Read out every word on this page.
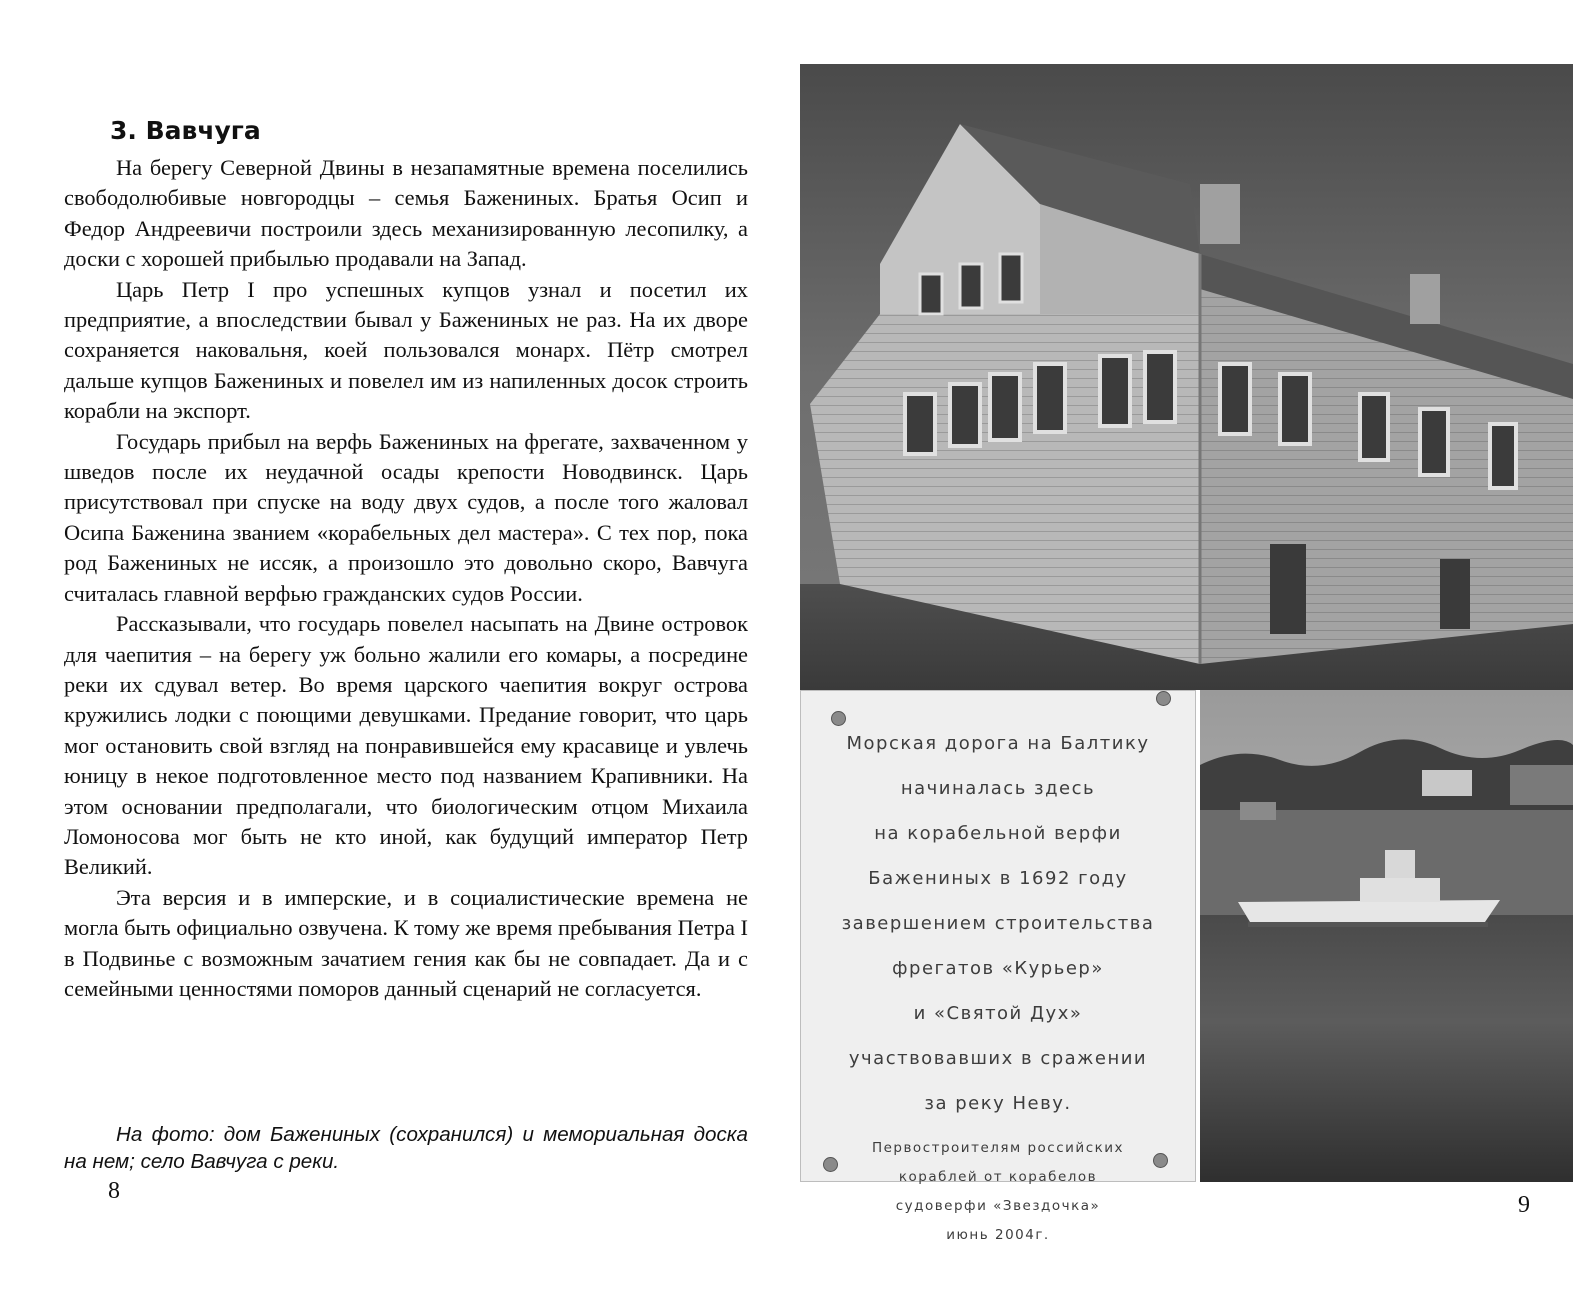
3. Вавчуга

На берегу Северной Двины в незапамятные времена поселились свободолюбивые новгородцы – семья Бажениных. Братья Осип и Федор Андреевичи построили здесь механизированную лесопилку, а доски с хорошей прибылью продавали на Запад.

Царь Петр I про успешных купцов узнал и посетил их предприятие, а впоследствии бывал у Бажениных не раз. На их дворе сохраняется наковальня, коей пользовался монарх. Пётр смотрел дальше купцов Бажениных и повелел им из напиленных досок строить корабли на экспорт.

Государь прибыл на верфь Бажениных на фрегате, захваченном у шведов после их неудачной осады крепости Новодвинск. Царь присутствовал при спуске на воду двух судов, а после того жаловал Осипа Баженина званием «корабельных дел мастера». С тех пор, пока род Бажениных не иссяк, а произошло это довольно скоро, Вавчуга считалась главной верфью гражданских судов России.

Рассказывали, что государь повелел насыпать на Двине островок для чаепития – на берегу уж больно жалили его комары, а посредине реки их сдувал ветер. Во время царского чаепития вокруг острова кружились лодки с поющими девушками. Предание говорит, что царь мог остановить свой взгляд на понравившейся ему красавице и увлечь юницу в некое подготовленное место под названием Крапивники. На этом основании предполагали, что биологическим отцом Михаила Ломоносова мог быть не кто иной, как будущий император Петр Великий.

Эта версия и в имперские, и в социалистические времена не могла быть официально озвучена. К тому же время пребывания Петра I в Подвинье с возможным зачатием гения как бы не совпадает. Да и с семейными ценностями поморов данный сценарий не согласуется.

На фото: дом Бажениных (сохранился) и мемориальная доска на нем; село Вавчуга с реки.

8
Морская дорога на Балтику
начиналась здесь
на корабельной верфи
Бажениных в 1692 году
завершением строительства
фрегатов «Курьер»
и «Святой Дух»
участвовавших в сражении
за реку Неву.
Первостроителям российских
кораблей от корабелов
судоверфи «Звездочка»
июнь 2004г.
9
